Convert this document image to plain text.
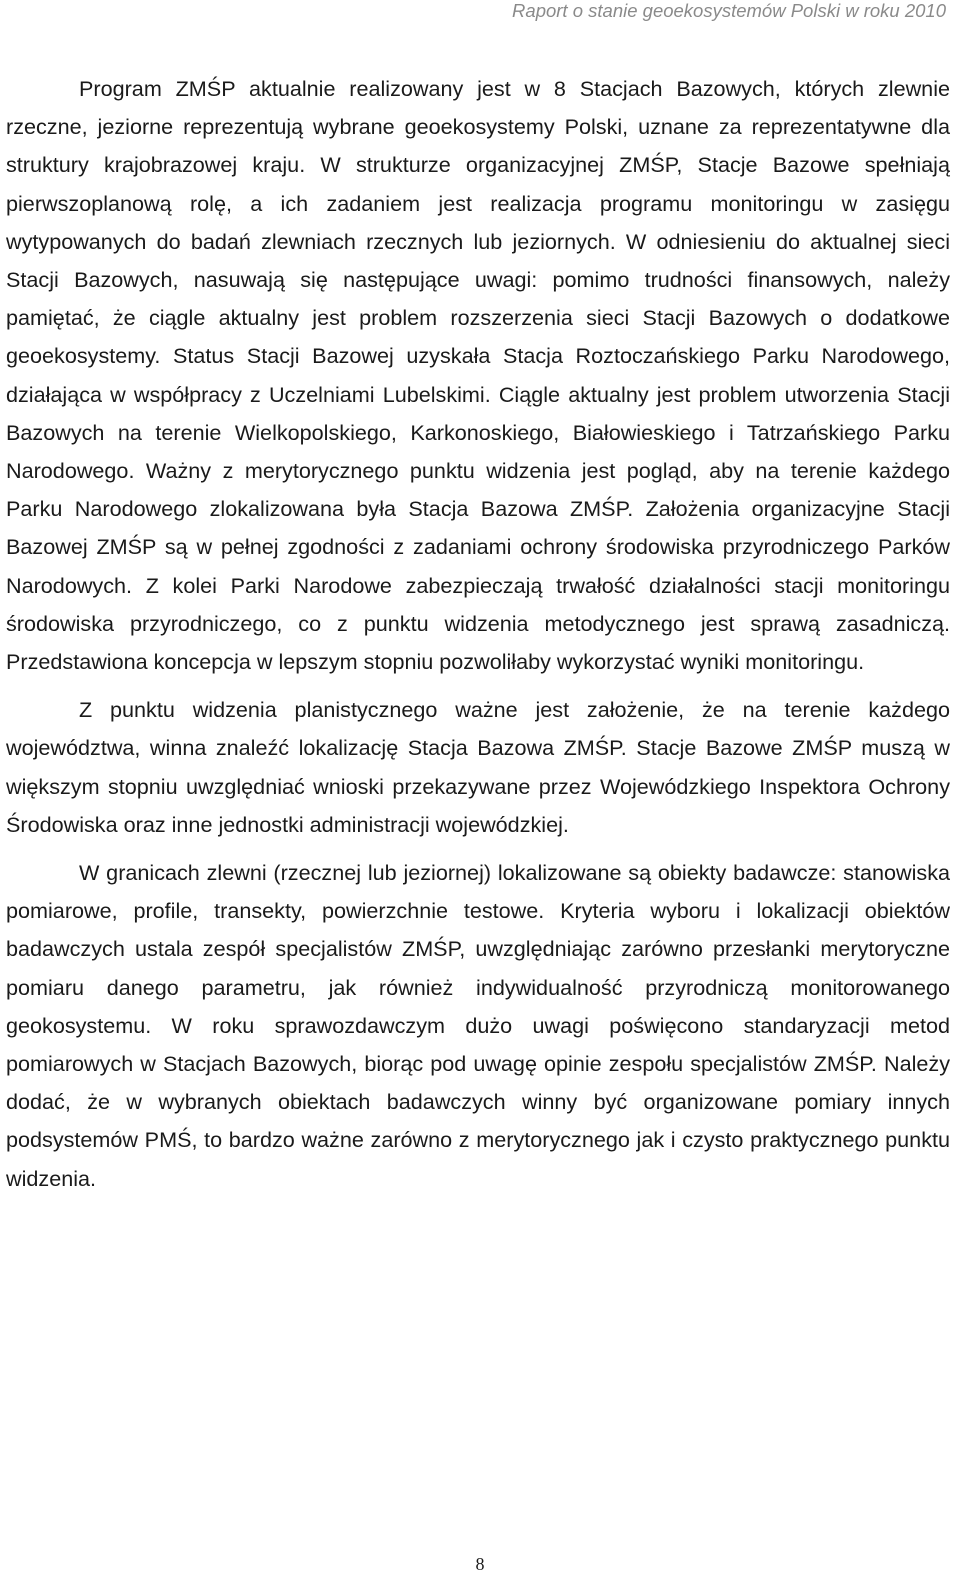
Raport o stanie geoekosystemów Polski w roku 2010

Program ZMŚP aktualnie realizowany jest w 8 Stacjach Bazowych, których zlewnie rzeczne, jeziorne reprezentują wybrane geoekosystemy Polski, uznane za reprezentatywne dla struktury krajobrazowej kraju. W strukturze organizacyjnej ZMŚP, Stacje Bazowe spełniają pierwszoplanową rolę, a ich zadaniem jest realizacja programu monitoringu w zasięgu wytypowanych do badań zlewniach rzecznych lub jeziornych. W odniesieniu do aktualnej sieci Stacji Bazowych, nasuwają się następujące uwagi: pomimo trudności finansowych, należy pamiętać, że ciągle aktualny jest problem rozszerzenia sieci Stacji Bazowych o dodatkowe geoekosystemy. Status Stacji Bazowej uzyskała Stacja Roztoczańskiego Parku Narodowego, działająca w współpracy z Uczelniami Lubelskimi. Ciągle aktualny jest problem utworzenia Stacji Bazowych na terenie Wielkopolskiego, Karkonoskiego, Białowieskiego i Tatrzańskiego Parku Narodowego. Ważny z merytorycznego punktu widzenia jest pogląd, aby na terenie każdego Parku Narodowego zlokalizowana była Stacja Bazowa ZMŚP. Założenia organizacyjne Stacji Bazowej ZMŚP są w pełnej zgodności z zadaniami ochrony środowiska przyrodniczego Parków Narodowych. Z kolei Parki Narodowe zabezpieczają trwałość działalności stacji monitoringu środowiska przyrodniczego, co z punktu widzenia metodycznego jest sprawą zasadniczą. Przedstawiona koncepcja w lepszym stopniu pozwoliłaby wykorzystać wyniki monitoringu.

Z punktu widzenia planistycznego ważne jest założenie, że na terenie każdego województwa, winna znaleźć lokalizację Stacja Bazowa ZMŚP. Stacje Bazowe ZMŚP muszą w większym stopniu uwzględniać wnioski przekazywane przez Wojewódzkiego Inspektora Ochrony Środowiska oraz inne jednostki administracji wojewódzkiej.

W granicach zlewni (rzecznej lub jeziornej) lokalizowane są obiekty badawcze: stanowiska pomiarowe, profile, transekty, powierzchnie testowe. Kryteria wyboru i lokalizacji obiektów badawczych ustala zespół specjalistów ZMŚP, uwzględniając zarówno przesłanki merytoryczne pomiaru danego parametru, jak również indywidualność przyrodniczą monitorowanego geokosystemu. W roku sprawozdawczym dużo uwagi poświęcono standaryzacji metod pomiarowych w Stacjach Bazowych, biorąc pod uwagę opinie zespołu specjalistów ZMŚP. Należy dodać, że w wybranych obiektach badawczych winny być organizowane pomiary innych podsystemów PMŚ, to bardzo ważne zarówno z merytorycznego jak i czysto praktycznego punktu widzenia.

8
